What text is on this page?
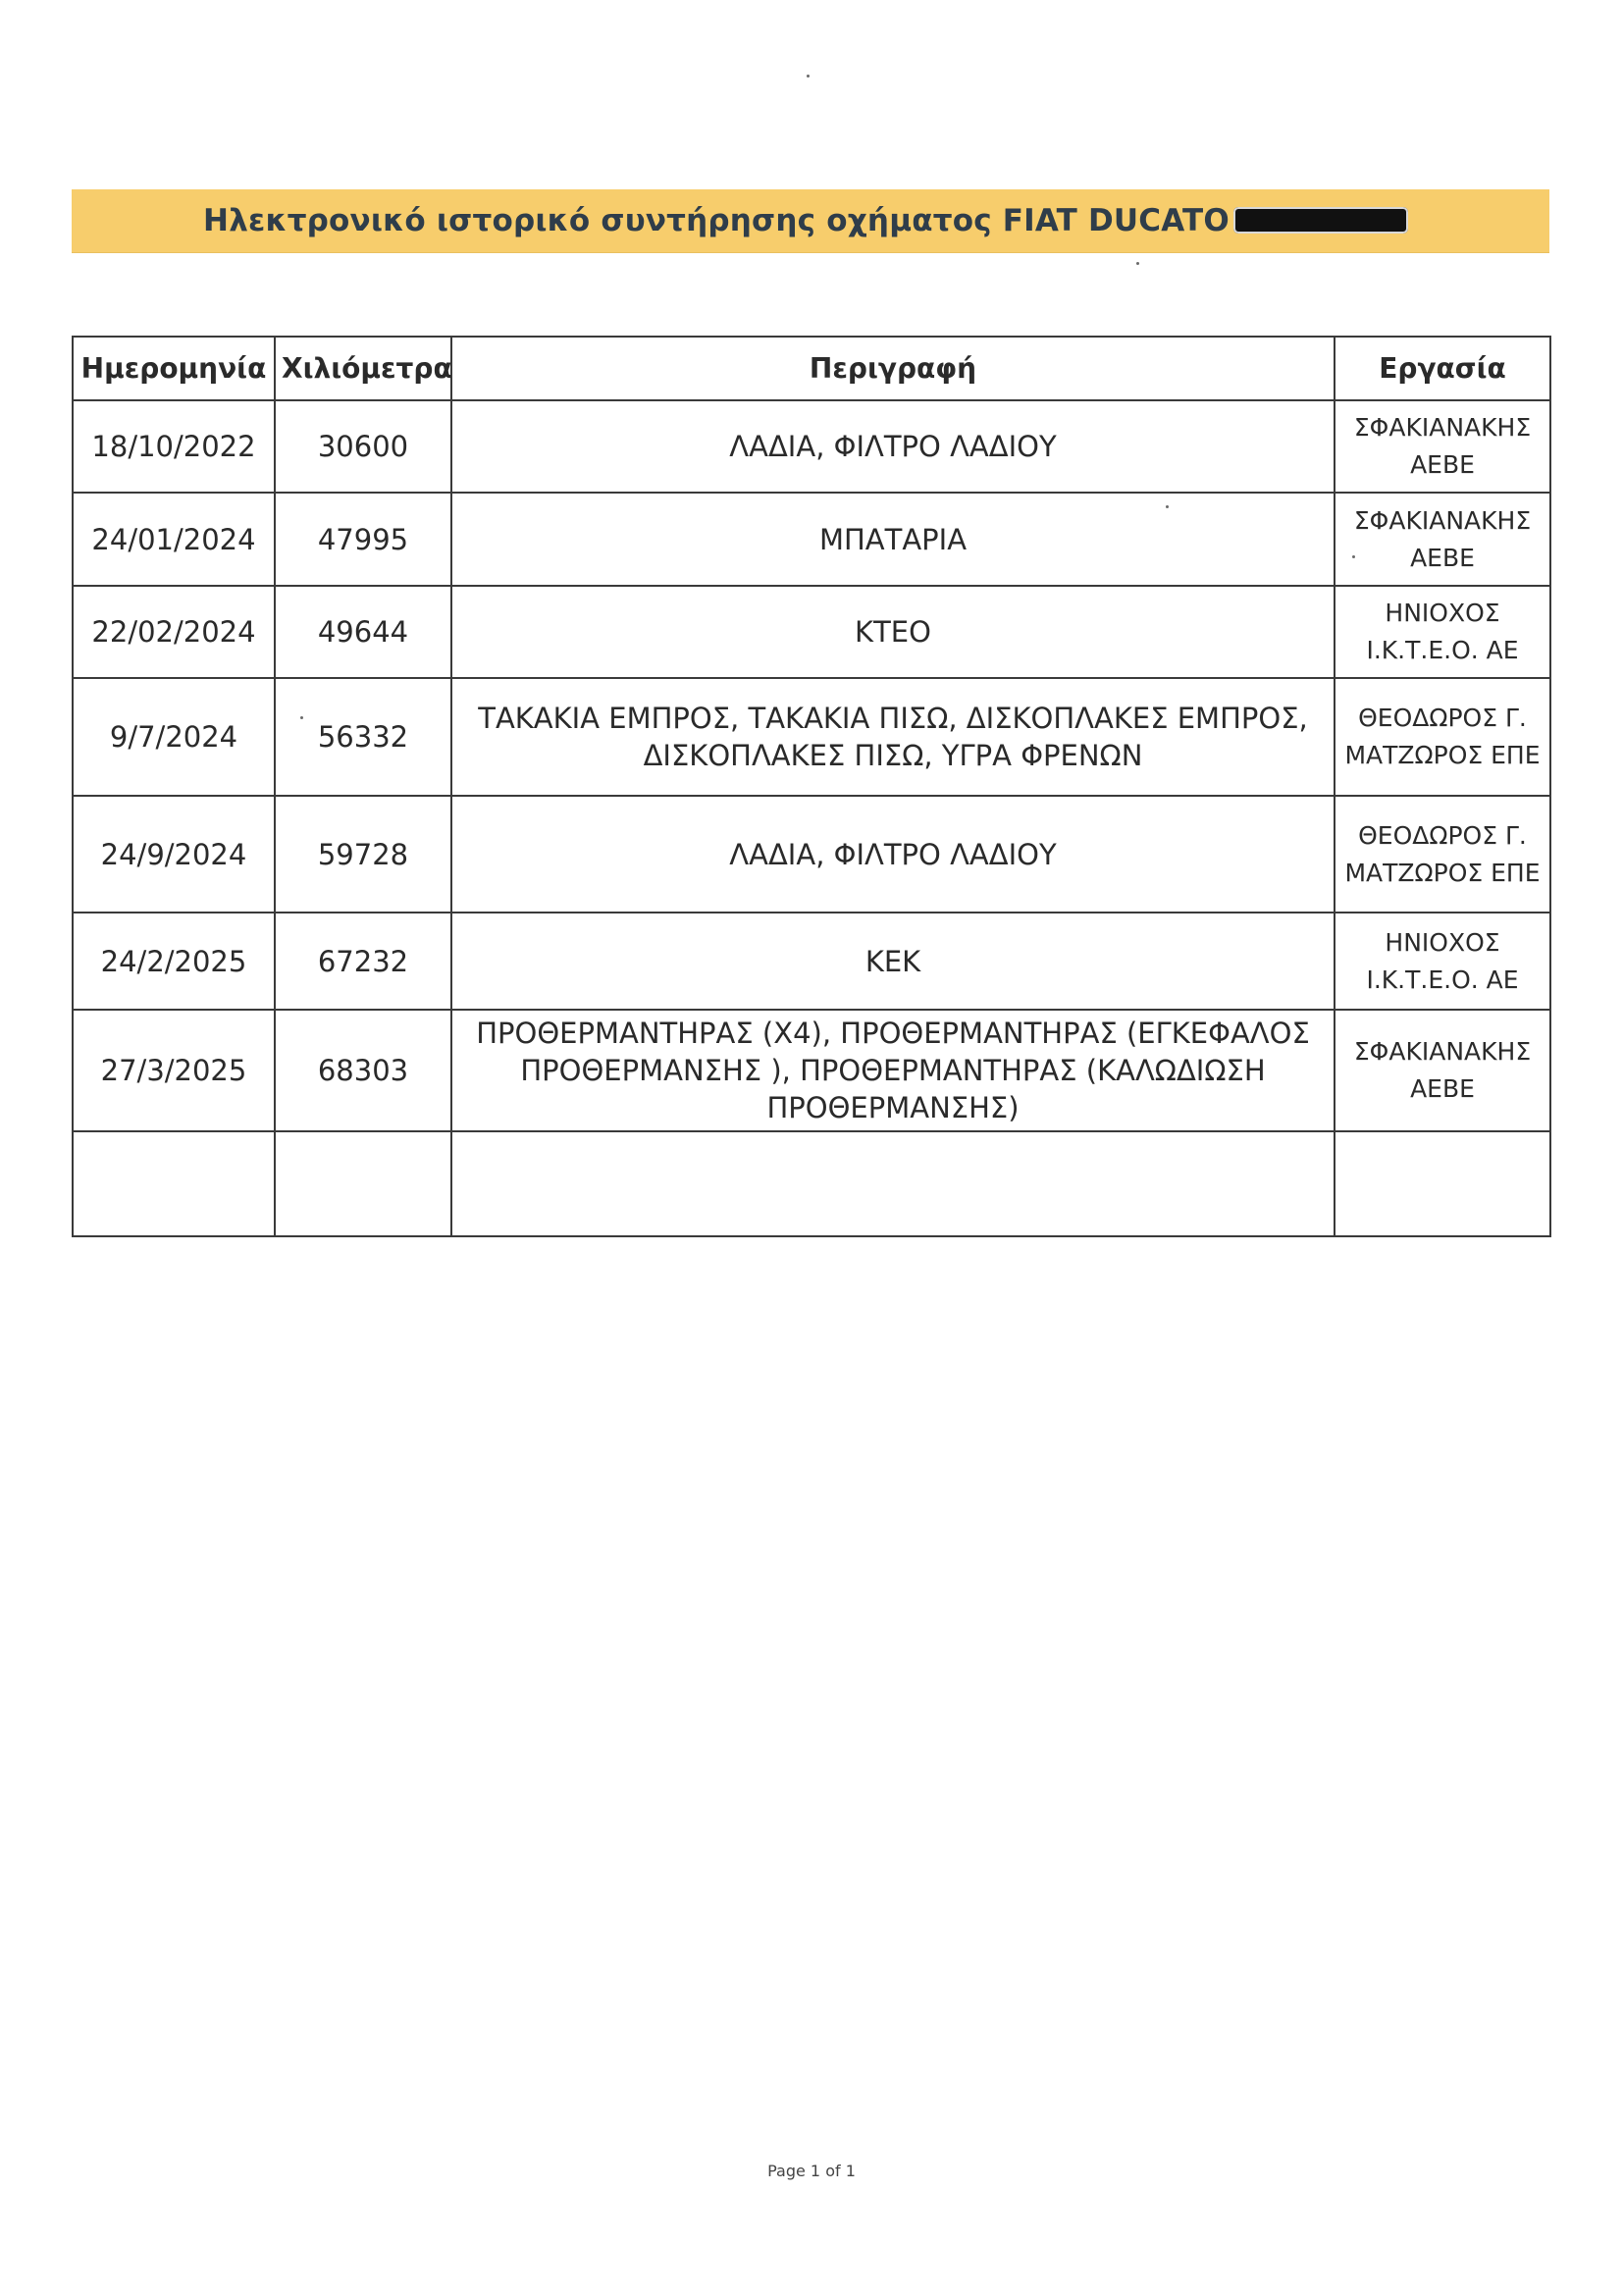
Ηλεκτρονικό ιστορικό συντήρησης οχήματος FIAT DUCATO
Ημερομηνία	Χιλιόμετρα	Περιγραφή	Εργασία
18/10/2022	30600	ΛΑΔΙΑ, ΦΙΛΤΡΟ ΛΑΔΙΟΥ	ΣΦΑΚΙΑΝΑΚΗΣ
ΑΕΒΕ

24/01/2024	47995	ΜΠΑΤΑΡΙΑ	ΣΦΑΚΙΑΝΑΚΗΣ
ΑΕΒΕ

22/02/2024	49644	ΚΤΕΟ	ΗΝΙΟΧΟΣ
Ι.Κ.Τ.Ε.Ο. ΑΕ

9/7/2024	56332	ΤΑΚΑΚΙΑ ΕΜΠΡΟΣ, ΤΑΚΑΚΙΑ ΠΙΣΩ, ΔΙΣΚΟΠΛΑΚΕΣ ΕΜΠΡΟΣ,
ΔΙΣΚΟΠΛΑΚΕΣ ΠΙΣΩ, ΥΓΡΑ ΦΡΕΝΩΝ	ΘΕΟΔΩΡΟΣ Γ.
ΜΑΤΖΩΡΟΣ ΕΠΕ

24/9/2024	59728	ΛΑΔΙΑ, ΦΙΛΤΡΟ ΛΑΔΙΟΥ	ΘΕΟΔΩΡΟΣ Γ.
ΜΑΤΖΩΡΟΣ ΕΠΕ

24/2/2025	67232	ΚΕΚ	ΗΝΙΟΧΟΣ
Ι.Κ.Τ.Ε.Ο. ΑΕ

27/3/2025	68303	ΠΡΟΘΕΡΜΑΝΤΗΡΑΣ (Χ4), ΠΡΟΘΕΡΜΑΝΤΗΡΑΣ (ΕΓΚΕΦΑΛΟΣ
ΠΡΟΘΕΡΜΑΝΣΗΣ ), ΠΡΟΘΕΡΜΑΝΤΗΡΑΣ (ΚΑΛΩΔΙΩΣΗ
ΠΡΟΘΕΡΜΑΝΣΗΣ)	ΣΦΑΚΙΑΝΑΚΗΣ
ΑΕΒΕ

Page 1 of 1
